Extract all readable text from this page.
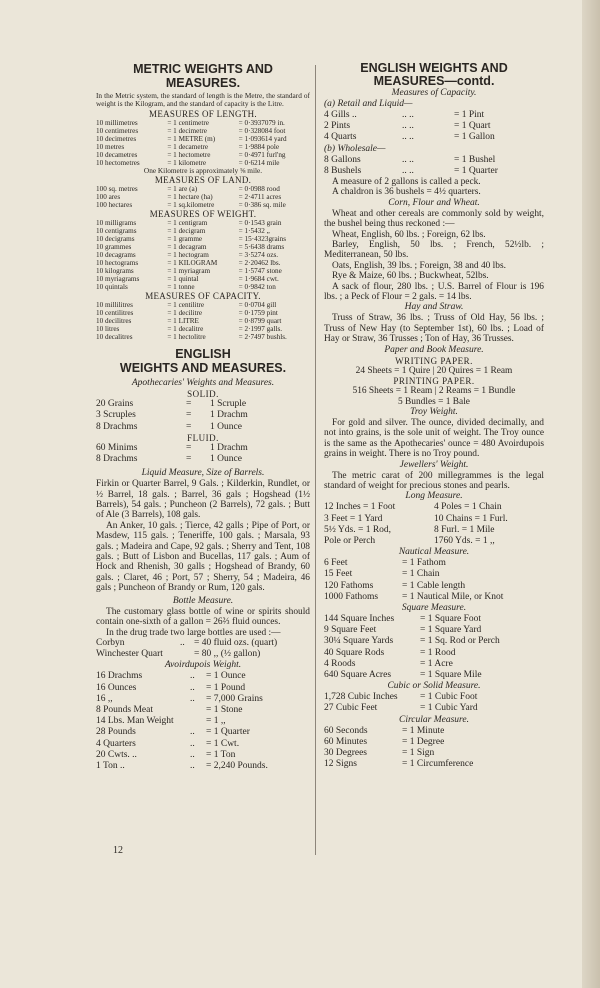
METRIC WEIGHTS AND
MEASURES.
In the Metric system, the standard of length is the Metre, the standard of weight is the Kilogram, and the standard of capacity is the Litre.
MEASURES OF LENGTH.
10 millimetres	= 1 centimetre	= 0·3937079 in.
10 centimetres	= 1 decimetre	= 0·328084 foot
10 decimetres	= 1 METRE (m)	= 1·093614 yard
10 metres	= 1 decametre	= 1·9884 pole
10 decametres	= 1 hectometre	= 0·4971 furl'ng
10 hectometres	= 1 kilometre	= 0·6214 mile
One Kilometre is approximately ⅝ mile.
MEASURES OF LAND.
100 sq. metres	= 1 are (a)	= 0·0988 rood
100 ares	= 1 hectare (ha)	= 2·4711 acres
100 hectares	= 1 sq.kilometre	= 0·386 sq. mile
MEASURES OF WEIGHT.
10 milligrams	= 1 centigram	= 0·1543 grain
10 centigrams	= 1 decigram	= 1·5432 „
10 decigrams	= 1 gramme	= 15·4323grains
10 grammes	= 1 decagram	= 5·6438 drams
10 decagrams	= 1 hectogram	= 3·5274 ozs.
10 hectograms	= 1 KILOGRAM	= 2·20462 lbs.
10 kilograms	= 1 myriagram	= 1·5747 stone
10 myriagrams	= 1 quintal	= 1·9684 cwt.
10 quintals	= 1 tonne	= 0·9842 ton
MEASURES OF CAPACITY.
10 millilitres	= 1 centilitre	= 0·0704 gill
10 centilitres	= 1 decilitre	= 0·1759 pint
10 decilitres	= 1 LITRE	= 0·8799 quart
10 litres	= 1 decalitre	= 2·1997 galls.
10 decalitres	= 1 hectolitre	= 2·7497 bushls.
ENGLISH
WEIGHTS AND MEASURES.
Apothecaries' Weights and Measures.
SOLID.
20 Grains	=	1 Scruple
3 Scruples	=	1 Drachm
8 Drachms	=	1 Ounce
FLUID.
60 Minims	=	1 Drachm
8 Drachms	=	1 Ounce
Liquid Measure, Size of Barrels.
Firkin or Quarter Barrel, 9 Gals. ; Kilderkin, Rundlet, or ½ Barrel, 18 gals. ; Barrel, 36 gals ; Hogshead (1½ Barrels), 54 gals. ; Puncheon (2 Barrels), 72 gals. ; Butt of Ale (3 Barrels), 108 gals.
An Anker, 10 gals. ; Tierce, 42 galls ; Pipe of Port, or Masdew, 115 gals. ; Teneriffe, 100 gals. ; Marsala, 93 gals. ; Madeira and Cape, 92 gals. ; Sherry and Tent, 108 gals. ; Butt of Lisbon and Bucellas, 117 gals. ; Aum of Hock and Rhenish, 30 galls ; Hogshead of Brandy, 60 gals. ; Claret, 46 ; Port, 57 ; Sherry, 54 ; Madeira, 46 gals ; Puncheon of Brandy or Rum, 120 gals.
Bottle Measure.
The customary glass bottle of wine or spirits should contain one-sixth of a gallon = 26⅔ fluid ounces.
In the drug trade two large bottles are used :—
Corbyn	.. = 40 fluid ozs. (quart)
Winchester Quart	= 80 ,, (½ gallon)
Avoirdupois Weight.
16 Drachms	..	= 1 Ounce
16 Ounces	..	= 1 Pound
16 ,,	..	= 7,000 Grains
8 Pounds Meat	= 1 Stone
14 Lbs. Man Weight	= 1 ,,
28 Pounds	..	= 1 Quarter
4 Quarters	..	= 1 Cwt.
20 Cwts. ..	..	= 1 Ton
1 Ton ..	..	= 2,240 Pounds.
12
ENGLISH WEIGHTS AND
MEASURES—contd.
Measures of Capacity.
(a) Retail and Liquid—
4 Gills ..	.. ..	= 1 Pint
2 Pints	.. ..	= 1 Quart
4 Quarts	.. ..	= 1 Gallon
(b) Wholesale—
8 Gallons	.. ..	= 1 Bushel
8 Bushels	.. ..	= 1 Quarter
A measure of 2 gallons is called a peck.
A chaldron is 36 bushels = 4½ quarters.
Corn, Flour and Wheat.
Wheat and other cereals are commonly sold by weight, the bushel being thus reckoned :—
Wheat, English, 60 lbs. ; Foreign, 62 lbs.
Barley, English, 50 lbs. ; French, 52½lb. ; Mediterranean, 50 lbs.
Oats, English, 39 lbs. ; Foreign, 38 and 40 lbs.
Rye & Maize, 60 lbs. ; Buckwheat, 52lbs.
A sack of flour, 280 lbs. ; U.S. Barrel of Flour is 196 lbs. ; a Peck of Flour = 2 gals. = 14 lbs.
Hay and Straw.
Truss of Straw, 36 lbs. ; Truss of Old Hay, 56 lbs. ; Truss of New Hay (to September 1st), 60 lbs. ; Load of Hay or Straw, 36 Trusses ; Ton of Hay, 36 Trusses.
Paper and Book Measure.
WRITING PAPER.
24 Sheets = 1 Quire | 20 Quires = 1 Ream
PRINTING PAPER.
516 Sheets = 1 Ream | 2 Reams = 1 Bundle
5 Bundles = 1 Bale
Troy Weight.
For gold and silver. The ounce, divided decimally, and not into grains, is the sole unit of weight. The Troy ounce is the same as the Apothecaries' ounce = 480 Avoirdupois grains in weight. There is no Troy pound.
Jewellers' Weight.
The metric carat of 200 millegrammes is the legal standard of weight for precious stones and pearls.
Long Measure.
12 Inches = 1 Foot	4 Poles = 1 Chain
3 Feet = 1 Yard	10 Chains = 1 Furl.
5½ Yds. = 1 Rod,	8 Furl. = 1 Mile
Pole or Perch	1760 Yds. = 1 ,,
Nautical Measure.
6 Feet	= 1 Fathom
15 Feet	= 1 Chain
120 Fathoms	= 1 Cable length
1000 Fathoms	= 1 Nautical Mile, or Knot
Square Measure.
144 Square Inches	= 1 Square Foot
9 Square Feet	= 1 Square Yard
30¼ Square Yards	= 1 Sq. Rod or Perch
40 Square Rods	= 1 Rood
4 Roods	= 1 Acre
640 Square Acres	= 1 Square Mile
Cubic or Solid Measure.
1,728 Cubic Inches	= 1 Cubic Foot
27 Cubic Feet	= 1 Cubic Yard
Circular Measure.
60 Seconds	= 1 Minute
60 Minutes	= 1 Degree
30 Degrees	= 1 Sign
12 Signs	= 1 Circumference
